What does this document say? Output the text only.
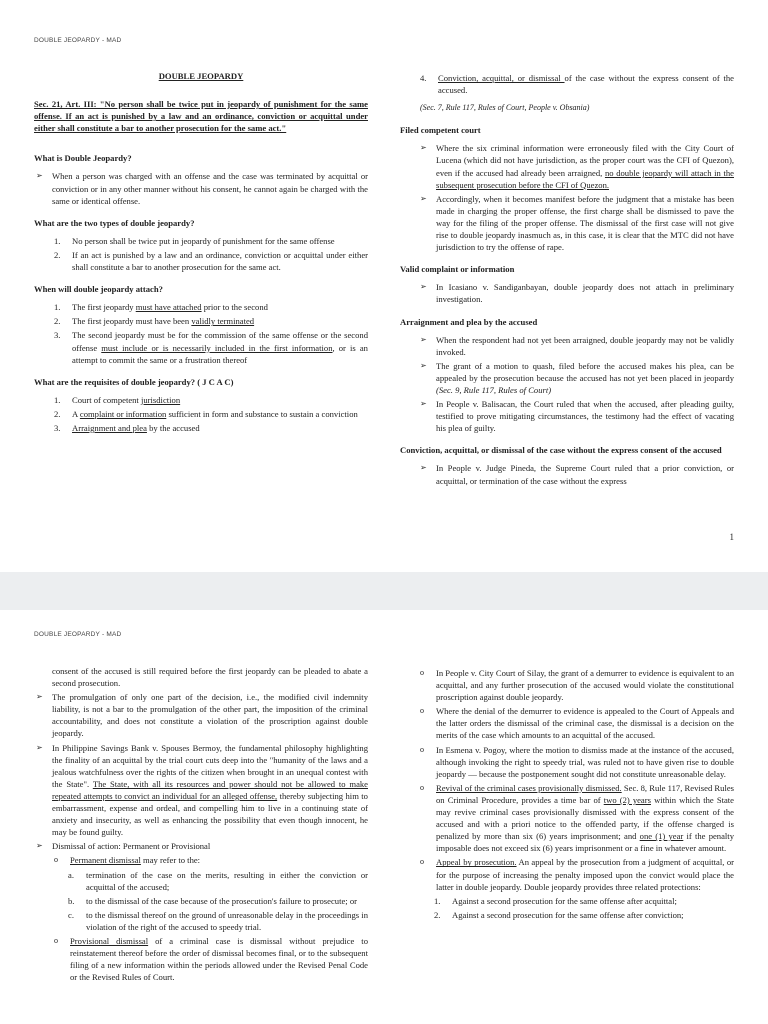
DOUBLE JEOPARDY - MAD
DOUBLE JEOPARDY
Sec. 21, Art. III: "No person shall be twice put in jeopardy of punishment for the same offense. If an act is punished by a law and an ordinance, conviction or acquittal under either shall constitute a bar to another prosecution for the same act."
What is Double Jeopardy?
➢	When a person was charged with an offense and the case was terminated by acquittal or conviction or in any other manner without his consent, he cannot again be charged with the same or identical offense.
What are the two types of double jeopardy?
1.	No person shall be twice put in jeopardy of punishment for the same offense
2.	If an act is punished by a law and an ordinance, conviction or acquittal under either shall constitute a bar to another prosecution for the same act.
When will double jeopardy attach?
1.	The first jeopardy must have attached prior to the second
2.	The first jeopardy must have been validly terminated
3.	The second jeopardy must be for the commission of the same offense or the second offense must include or is necessarily included in the first information, or is an attempt to commit the same or a frustration thereof
What are the requisites of double jeopardy? ( J C A C)
1.	Court of competent jurisdiction
2.	A complaint or information sufficient in form and substance to sustain a conviction
3.	Arraignment and plea by the accused
4.	Conviction, acquittal, or dismissal of the case without the express consent of the accused.
(Sec. 7, Rule 117, Rules of Court, People v. Obsania)
Filed competent court
➢	Where the six criminal information were erroneously filed with the City Court of Lucena (which did not have jurisdiction, as the proper court was the CFI of Quezon), even if the accused had already been arraigned, no double jeopardy will attach in the subsequent prosecution before the CFI of Quezon.
➢	Accordingly, when it becomes manifest before the judgment that a mistake has been made in charging the proper offense, the first charge shall be dismissed to pave the way for the filing of the proper offense. The dismissal of the first case will not give rise to double jeopardy inasmuch as, in this case, it is clear that the MTC did not have jurisdiction to try the offense of rape.
Valid complaint or information
➢	In Icasiano v. Sandiganbayan, double jeopardy does not attach in preliminary investigation.
Arraignment and plea by the accused
➢	When the respondent had not yet been arraigned, double jeopardy may not be validly invoked.
➢	The grant of a motion to quash, filed before the accused makes his plea, can be appealed by the prosecution because the accused has not yet been placed in jeopardy (Sec. 9, Rule 117, Rules of Court)
➢	In People v. Balisacan, the Court ruled that when the accused, after pleading guilty, testified to prove mitigating circumstances, the testimony had the effect of vacating his plea of guilty.
Conviction, acquittal, or dismissal of the case without the express consent of the accused
➢	In People v. Judge Pineda, the Supreme Court ruled that a prior conviction, or acquittal, or termination of the case without the express
1
DOUBLE JEOPARDY - MAD
consent of the accused is still required before the first jeopardy can be pleaded to abate a second prosecution.
➢	The promulgation of only one part of the decision, i.e., the modified civil indemnity liability, is not a bar to the promulgation of the other part, the imposition of the criminal accountability, and does not constitute a violation of the proscription against double jeopardy.
➢	In Philippine Savings Bank v. Spouses Bermoy, the fundamental philosophy highlighting the finality of an acquittal by the trial court cuts deep into the "humanity of the laws and a jealous watchfulness over the rights of the citizen when brought in an unequal contest with the State". The State, with all its resources and power should not be allowed to make repeated attempts to convict an individual for an alleged offense, thereby subjecting him to embarrassment, expense and ordeal, and compelling him to live in a continuing state of anxiety and insecurity, as well as enhancing the possibility that even though innocent, he may be found guilty.
➢	Dismissal of action: Permanent or Provisional
o	Permanent dismissal may refer to the:
a.	termination of the case on the merits, resulting in either the conviction or acquittal of the accused;
b.	to the dismissal of the case because of the prosecution's failure to prosecute; or
c.	to the dismissal thereof on the ground of unreasonable delay in the proceedings in violation of the right of the accused to speedy trial.
o	Provisional dismissal of a criminal case is dismissal without prejudice to reinstatement thereof before the order of dismissal becomes final, or to the subsequent filing of a new information within the periods allowed under the Revised Penal Code or the Revised Rules of Court.
o	In People v. City Court of Silay, the grant of a demurrer to evidence is equivalent to an acquittal, and any further prosecution of the accused would violate the constitutional proscription against double jeopardy.
o	Where the denial of the demurrer to evidence is appealed to the Court of Appeals and the latter orders the dismissal of the criminal case, the dismissal is a decision on the merits of the case which amounts to an acquittal of the accused.
o	In Esmena v. Pogoy, where the motion to dismiss made at the instance of the accused, although invoking the right to speedy trial, was ruled not to have given rise to double jeopardy — because the postponement sought did not constitute unreasonable delay.
o	Revival of the criminal cases provisionally dismissed. Sec. 8, Rule 117, Revised Rules on Criminal Procedure, provides a time bar of two (2) years within which the State may revive criminal cases provisionally dismissed with the express consent of the accused and with a priori notice to the offended party, if the offense charged is penalized by more than six (6) years imprisonment; and one (1) year if the penalty imposable does not exceed six (6) years imprisonment or a fine in whatever amount.
o	Appeal by prosecution. An appeal by the prosecution from a judgment of acquittal, or for the purpose of increasing the penalty imposed upon the convict would place the latter in double jeopardy. Double jeopardy provides three related protections:
1.	Against a second prosecution for the same offense after acquittal;
2.	Against a second prosecution for the same offense after conviction;
